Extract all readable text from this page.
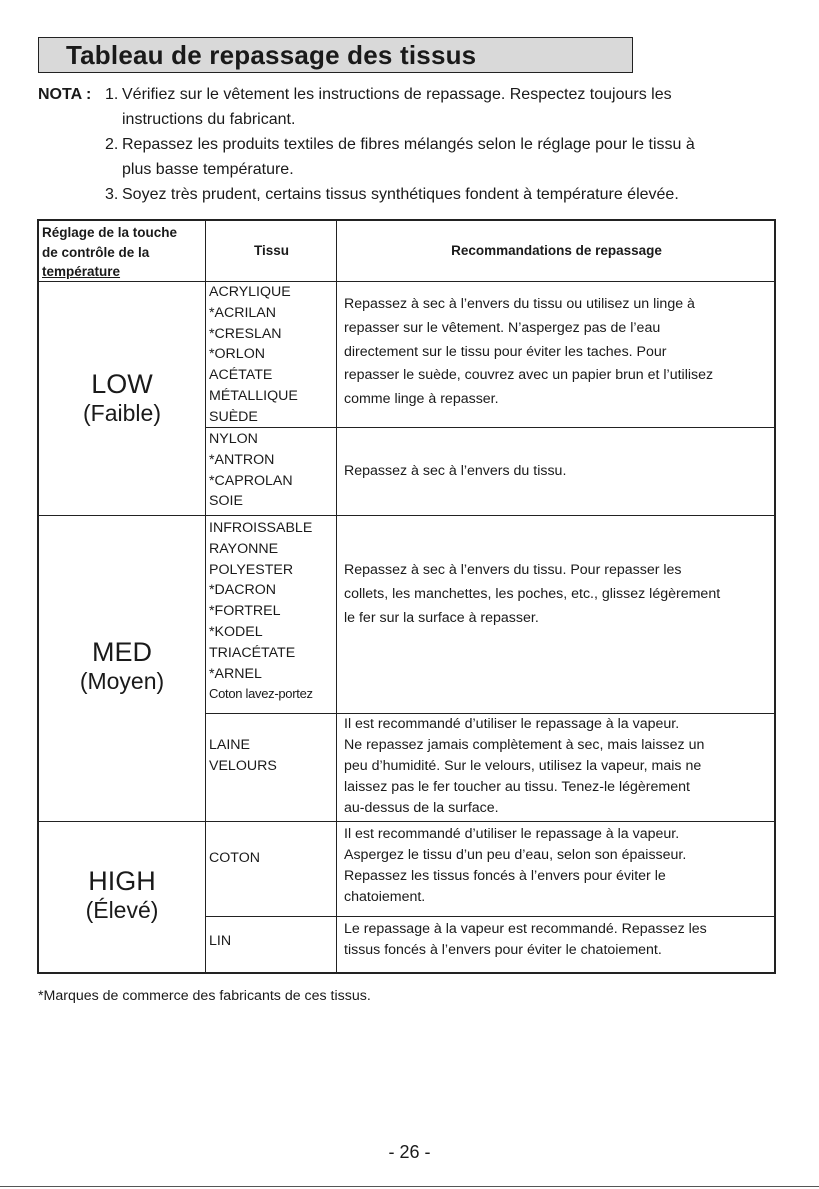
Tableau de repassage des tissus
NOTA : 1. Vérifiez sur le vêtement les instructions de repassage. Respectez toujours les
instructions du fabricant.
2. Repassez les produits textiles de fibres mélangés selon le réglage pour le tissu à
plus basse température.
3. Soyez très prudent, certains tissus synthétiques fondent à température élevée.
Réglage de la touche
de contrôle de la
température
Tissu	Recommandations de repassage
LOW
(Faible)
MED
(Moyen)
HIGH
(Élevé)
ACRYLIQUE
*ACRILAN
*CRESLAN
*ORLON
ACÉTATE
MÉTALLIQUE
SUÈDE
Repassez à sec à l’envers du tissu ou utilisez un linge à
repasser sur le vêtement. N’aspergez pas de l’eau
directement sur le tissu pour éviter les taches. Pour
repasser le suède, couvrez avec un papier brun et l’utilisez
comme linge à repasser.
NYLON
*ANTRON
*CAPROLAN
SOIE
Repassez à sec à l’envers du tissu.
INFROISSABLE
RAYONNE
POLYESTER
*DACRON
*FORTREL
*KODEL
TRIACÉTATE
*ARNEL
Coton lavez-portez
Repassez à sec à l’envers du tissu. Pour repasser les
collets, les manchettes, les poches, etc., glissez légèrement
le fer sur la surface à repasser.
LAINE
VELOURS
Il est recommandé d’utiliser le repassage à la vapeur.
Ne repassez jamais complètement à sec, mais laissez un
peu d’humidité. Sur le velours, utilisez la vapeur, mais ne
laissez pas le fer toucher au tissu. Tenez-le légèrement
au-dessus de la surface.
COTON
Il est recommandé d’utiliser le repassage à la vapeur.
Aspergez le tissu d’un peu d’eau, selon son épaisseur.
Repassez les tissus foncés à l’envers pour éviter le
chatoiement.
LIN
Le repassage à la vapeur est recommandé. Repassez les
tissus foncés à l’envers pour éviter le chatoiement.
*Marques de commerce des fabricants de ces tissus.
- 26 -
